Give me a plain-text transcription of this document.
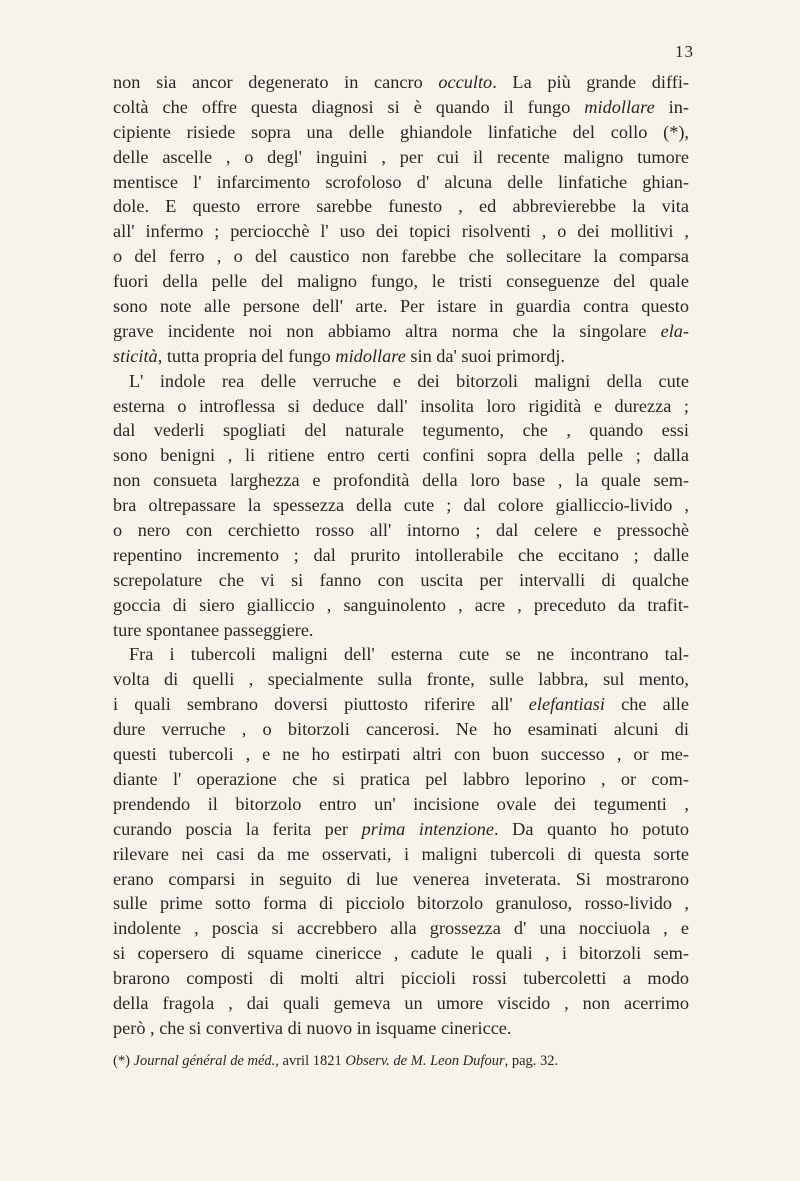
13
non sia ancor degenerato in cancro occulto. La più grande diffi-
coltà che offre questa diagnosi si è quando il fungo midollare in-
cipiente risiede sopra una delle ghiandole linfatiche del collo (*),
delle ascelle , o degl' inguini , per cui il recente maligno tumore
mentisce l' infarcimento scrofoloso d' alcuna delle linfatiche ghian-
dole. E questo errore sarebbe funesto , ed abbrevierebbe la vita
all' infermo ; perciocchè l' uso dei topici risolventi , o dei mollitivi ,
o del ferro , o del caustico non farebbe che sollecitare la comparsa
fuori della pelle del maligno fungo, le tristi conseguenze del quale
sono note alle persone dell' arte. Per istare in guardia contra questo
grave incidente noi non abbiamo altra norma che la singolare ela-
sticità, tutta propria del fungo midollare sin da' suoi primordj.
L' indole rea delle verruche e dei bitorzoli maligni della cute
esterna o introflessa si deduce dall' insolita loro rigidità e durezza ;
dal vederli spogliati del naturale tegumento, che , quando essi
sono benigni , li ritiene entro certi confini sopra della pelle ; dalla
non consueta larghezza e profondità della loro base , la quale sem-
bra oltrepassare la spessezza della cute ; dal colore gialliccio-livido ,
o nero con cerchietto rosso all' intorno ; dal celere e pressochè
repentino incremento ; dal prurito intollerabile che eccitano ; dalle
screpolature che vi si fanno con uscita per intervalli di qualche
goccia di siero gialliccio , sanguinolento , acre , preceduto da trafit-
ture spontanee passeggiere.
Fra i tubercoli maligni dell' esterna cute se ne incontrano tal-
volta di quelli , specialmente sulla fronte, sulle labbra, sul mento,
i quali sembrano doversi piuttosto riferire all' elefantiasi che alle
dure verruche , o bitorzoli cancerosi. Ne ho esaminati alcuni di
questi tubercoli , e ne ho estirpati altri con buon successo , or me-
diante l' operazione che si pratica pel labbro leporino , or com-
prendendo il bitorzolo entro un' incisione ovale dei tegumenti ,
curando poscia la ferita per prima intenzione. Da quanto ho potuto
rilevare nei casi da me osservati, i maligni tubercoli di questa sorte
erano comparsi in seguito di lue venerea inveterata. Si mostrarono
sulle prime sotto forma di picciolo bitorzolo granuloso, rosso-livido ,
indolente , poscia si accrebbero alla grossezza d' una nocciuola , e
si copersero di squame cinericce , cadute le quali , i bitorzoli sem-
brarono composti di molti altri piccioli rossi tubercoletti a modo
della fragola , dai quali gemeva un umore viscido , non acerrimo
però , che si convertiva di nuovo in isquame cinericce.
(*) Journal général de méd., avril 1821 Observ. de M. Leon Dufour, pag. 32.
